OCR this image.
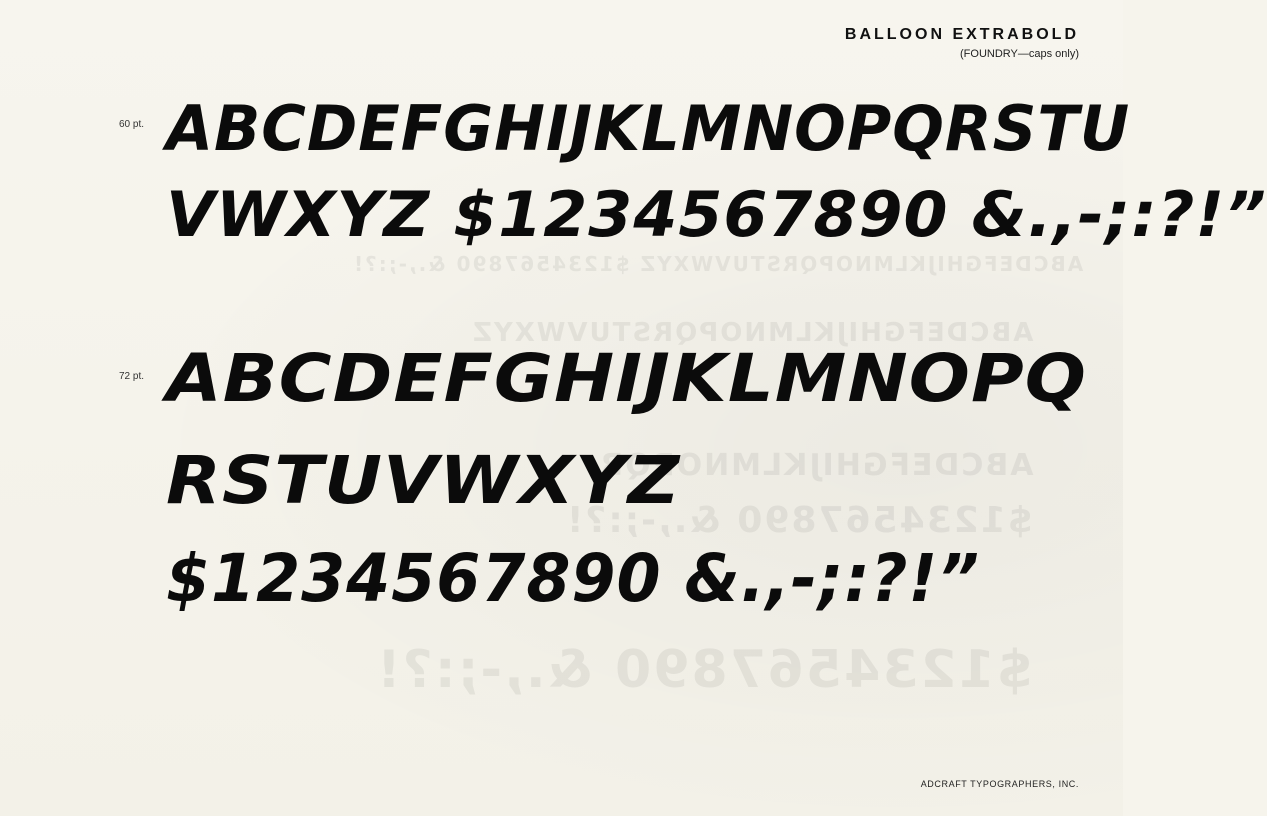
ABCDEFGHIJKLMNOPQRSTUVWXYZ $1234567890 &.,-;:?!
ABCDEFGHIJKLMNOPQRSTUVWXYZ
ABCDEFGHIJKLMNOPQR
$1234567890 &.,-;:?!
$1234567890 &.,-;:?!
BALLOON EXTRABOLD
(FOUNDRY—caps only)
60 pt. ABCDEFGHIJKLMNOPQRSTU
VWXYZ $1234567890 &.,-;:?!”
72 pt. ABCDEFGHIJKLMNOPQ
RSTUVWXYZ
$1234567890 &.,-;:?!”
ADCRAFT TYPOGRAPHERS, INC.
